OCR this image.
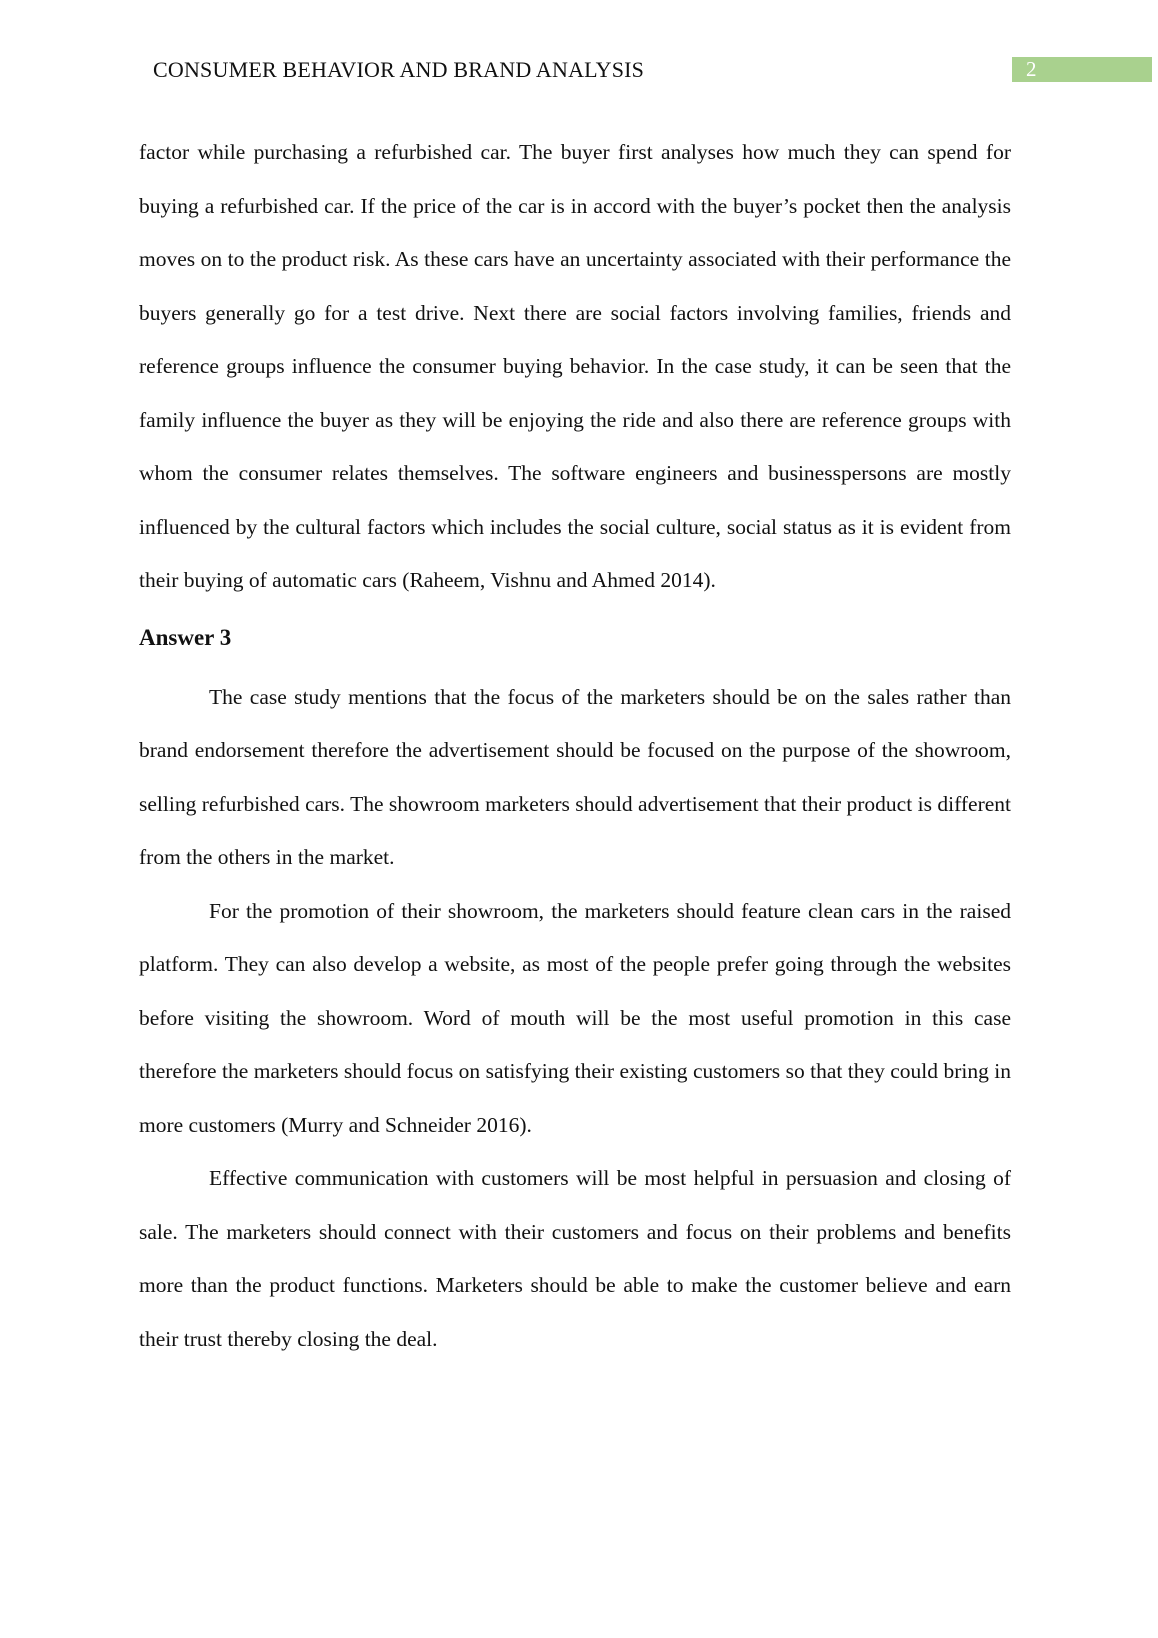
CONSUMER BEHAVIOR AND BRAND ANALYSIS	2

factor while purchasing a refurbished car. The buyer first analyses how much they can spend for buying a refurbished car. If the price of the car is in accord with the buyer’s pocket then the analysis moves on to the product risk. As these cars have an uncertainty associated with their performance the buyers generally go for a test drive. Next there are social factors involving families, friends and reference groups influence the consumer buying behavior. In the case study, it can be seen that the family influence the buyer as they will be enjoying the ride and also there are reference groups with whom the consumer relates themselves. The software engineers and businesspersons are mostly influenced by the cultural factors which includes the social culture, social status as it is evident from their buying of automatic cars (Raheem, Vishnu and Ahmed 2014).

Answer 3

The case study mentions that the focus of the marketers should be on the sales rather than brand endorsement therefore the advertisement should be focused on the purpose of the showroom, selling refurbished cars. The showroom marketers should advertisement that their product is different from the others in the market.

For the promotion of their showroom, the marketers should feature clean cars in the raised platform. They can also develop a website, as most of the people prefer going through the websites before visiting the showroom. Word of mouth will be the most useful promotion in this case therefore the marketers should focus on satisfying their existing customers so that they could bring in more customers (Murry and Schneider 2016).

Effective communication with customers will be most helpful in persuasion and closing of sale. The marketers should connect with their customers and focus on their problems and benefits more than the product functions. Marketers should be able to make the customer believe and earn their trust thereby closing the deal.
